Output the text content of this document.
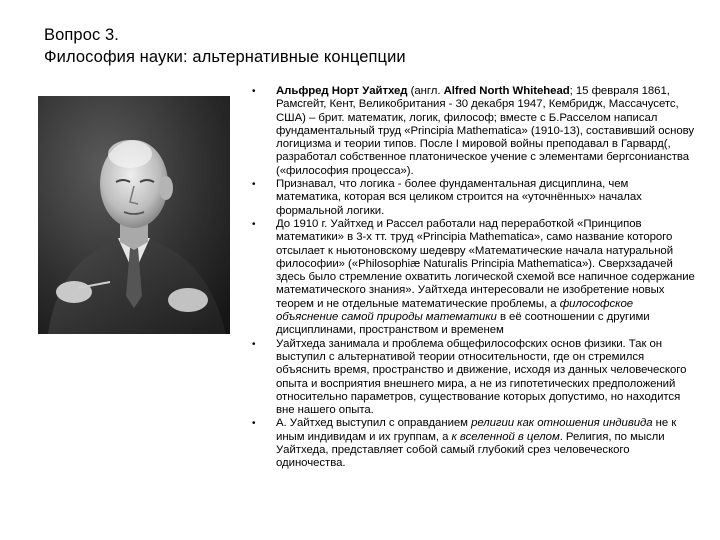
Вопрос 3.
Философия науки: альтернативные концепции
• Альфред Норт Уайтхед (англ. Alfred North Whitehead; 15 февраля 1861, Рамсгейт, Кент, Великобритания - 30 декабря 1947, Кембридж, Массачусетс, США) – брит. математик, логик, философ; вместе с Б.Расселом написал фундаментальный труд «Principia Mathematica» (1910-13), составивший основу логицизма и теории типов. После I мировой войны преподавал в Гарвард(, разработал собственное платоническое учение с элементами бергсонианства («философия процесса»).
• Признавал, что логика - более фундаментальная дисциплина, чем математика, которая вся целиком строится на «уточнённых» началах формальной логики.
• До 1910 г. Уайтхед и Рассел работали над переработкой «Принципов математики» в 3-х тт. труд «Principia Mathematica», само название которого отсылает к ньютоновскому шедевру «Математические начала натуральной философии» («Philosophiæ Naturalis Principia Mathematica»). Сверхзадачей здесь было стремление охватить логической схемой все напичное содержание математического знания». Уайтхеда интересовали не изобретение новых теорем и не отдельные математические проблемы, а философское объяснение самой природы математики в её соотношении с другими дисциплинами, пространством и временем
• Уайтхеда занимала и проблема общефилософских основ физики. Так он выступил с альтернативой теории относительности, где он стремился объяснить время, пространство и движение, исходя из данных человеческого опыта и восприятия внешнего мира, а не из гипотетических предположений относительно параметров, существование которых допустимо, но находится вне нашего опыта.
• А. Уайтхед выступил с оправданием религии как отношения индивида не к иным индивидам и их группам, а к вселенной в целом. Религия, по мысли Уайтхеда, представляет собой самый глубокий срез человеческого одиночества.
